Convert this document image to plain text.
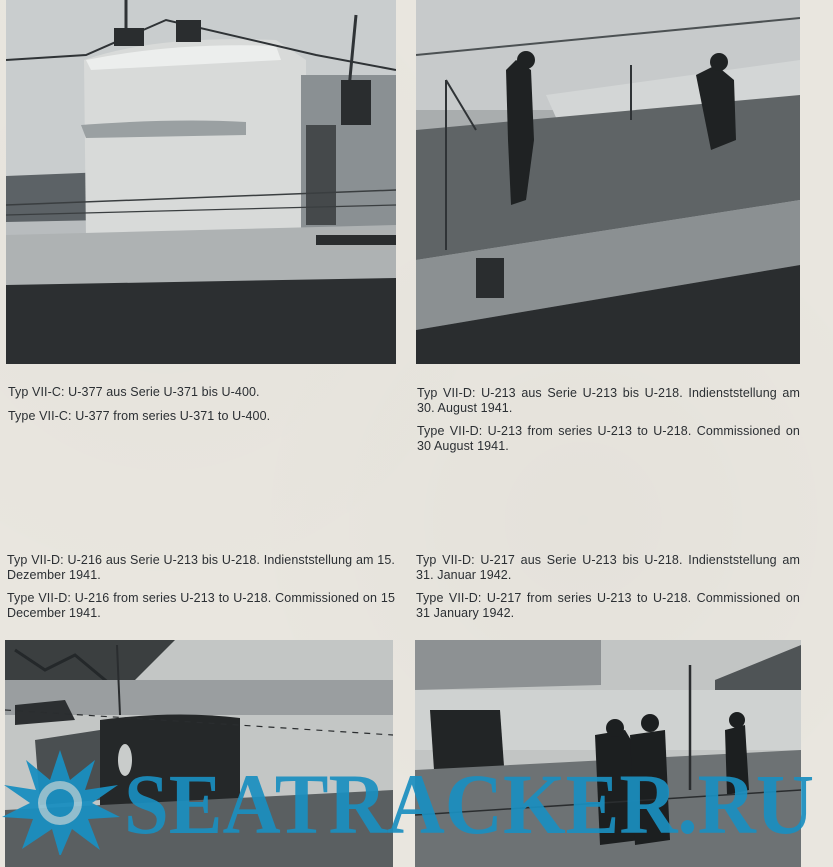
Typ VII-C: U-377 aus Serie U-371 bis U-400.

Type VII-C: U-377 from series U-371 to U-400.

Typ VII-D: U-213 aus Serie U-213 bis U-218. Indienststellung am 30. August 1941.

Type VII-D: U-213 from series U-213 to U-218. Commissioned on 30 August 1941.

Typ VII-D: U-216 aus Serie U-213 bis U-218. Indienststellung am 15. Dezember 1941.

Type VII-D: U-216 from series U-213 to U-218. Commissioned on 15 December 1941.

Typ VII-D: U-217 aus Serie U-213 bis U-218. Indienststellung am 31. Januar 1942.

Type VII-D: U-217 from series U-213 to U-218. Commissioned on 31 January 1942.

SEATRACKER.RU
